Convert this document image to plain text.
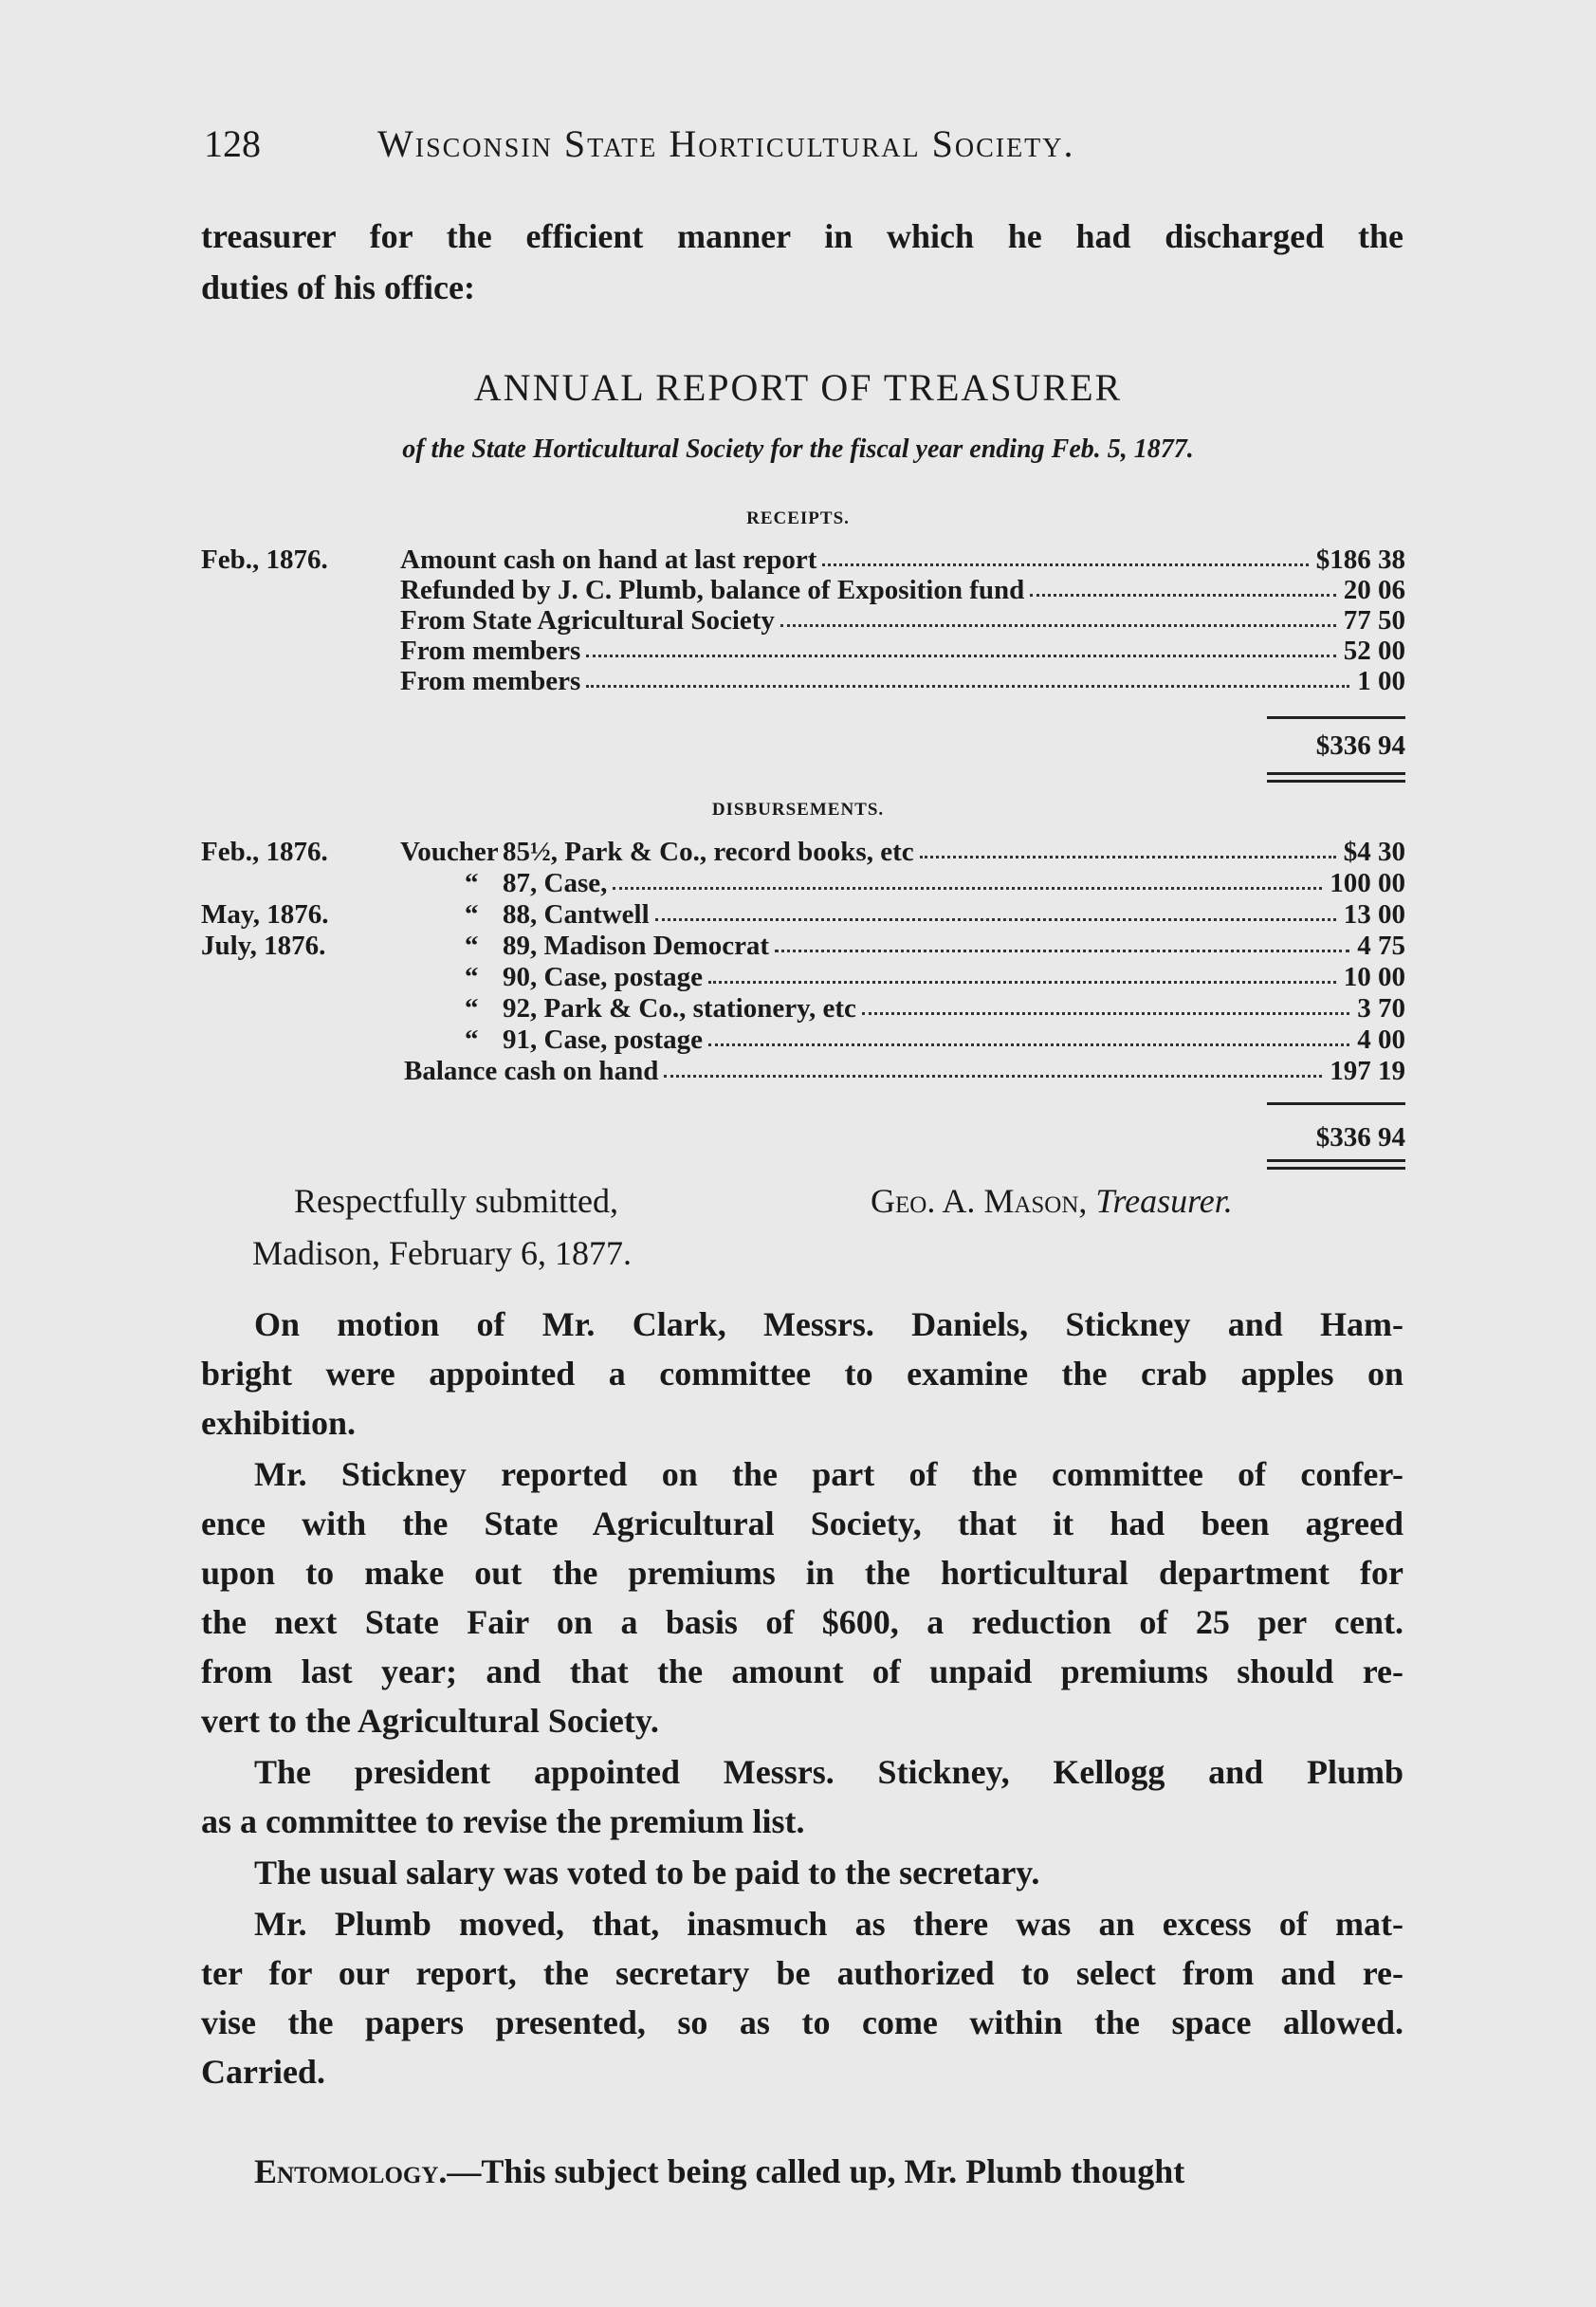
128	Wisconsin State Horticultural Society.
treasurer for the efficient manner in which he had discharged the
duties of his office:
ANNUAL REPORT OF TREASURER
of the State Horticultural Society for the fiscal year ending Feb. 5, 1877.
RECEIPTS.
Feb., 1876.	Amount cash on hand at last report	$186 38
Refunded by J. C. Plumb, balance of Exposition fund	20 06
From State Agricultural Society	77 50
From members	52 00
From members	1 00
$336 94
DISBURSEMENTS.
Feb., 1876.	Voucher 85½, Park & Co., record books, etc	$4 30
“ 87, Case,	100 00
May, 1876.	“ 88, Cantwell	13 00
July, 1876.	“ 89, Madison Democrat	4 75
“ 90, Case, postage	10 00
“ 92, Park & Co., stationery, etc	3 70
“ 91, Case, postage	4 00
Balance cash on hand	197 19
$336 94
Respectfully submitted,	Geo. A. Mason, Treasurer.
Madison, February 6, 1877.
On motion of Mr. Clark, Messrs. Daniels, Stickney and Ham-
bright were appointed a committee to examine the crab apples on
exhibition.
Mr. Stickney reported on the part of the committee of confer-
ence with the State Agricultural Society, that it had been agreed
upon to make out the premiums in the horticultural department for
the next State Fair on a basis of $600, a reduction of 25 per cent.
from last year; and that the amount of unpaid premiums should re-
vert to the Agricultural Society.
The president appointed Messrs. Stickney, Kellogg and Plumb
as a committee to revise the premium list.
The usual salary was voted to be paid to the secretary.
Mr. Plumb moved, that, inasmuch as there was an excess of mat-
ter for our report, the secretary be authorized to select from and re-
vise the papers presented, so as to come within the space allowed.
Carried.
Entomology.—This subject being called up, Mr. Plumb thought
